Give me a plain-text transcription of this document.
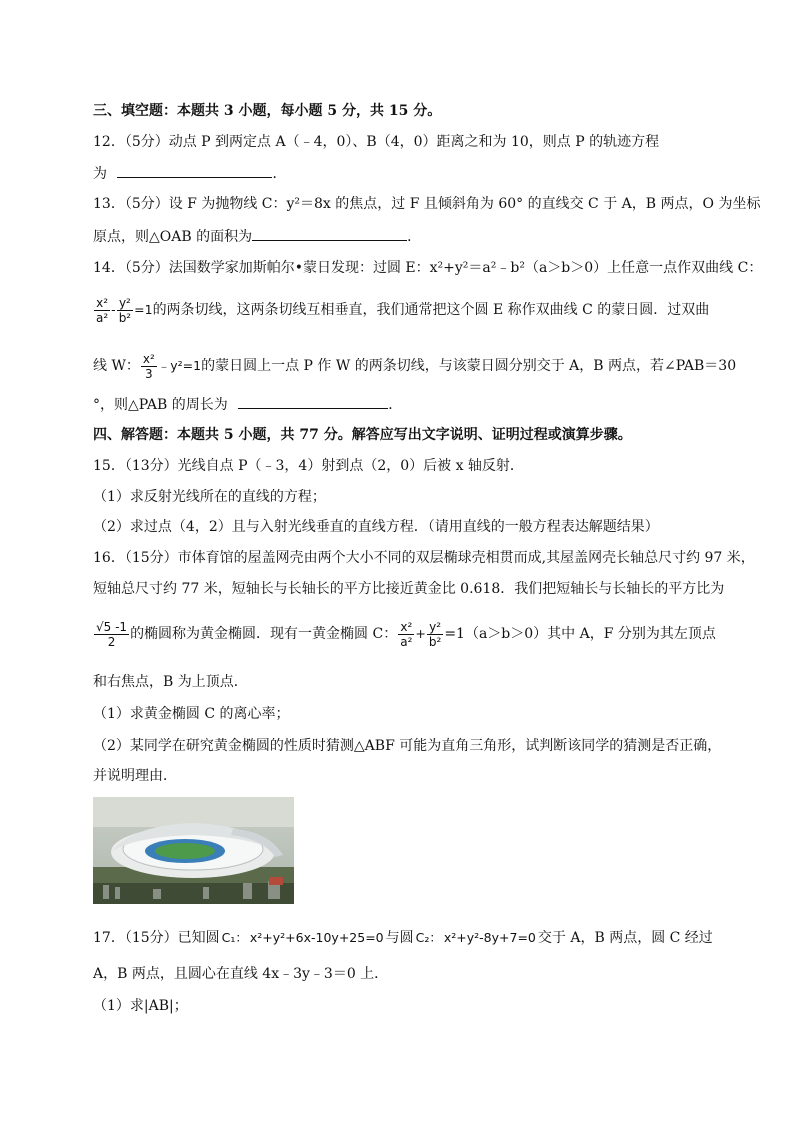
三、填空题：本题共 3 小题，每小题 5 分，共 15 分。
12．（5分）动点 P 到两定点 A（﹣4，0）、B（4，0）距离之和为 10，则点 P 的轨迹方程
为	．
13．（5分）设 F 为抛物线 C：y²＝8x 的焦点，过 F 且倾斜角为 60° 的直线交 C 于 A，B 两点，O 为坐标
原点，则△OAB 的面积为	．
14．（5分）法国数学家加斯帕尔•蒙日发现：过圆 E：x²+y²＝a²﹣b²（a＞b＞0）上任意一点作双曲线 C：
$\frac{\text{x²}}{\text{a²}} - \frac{\text{y²}}{\text{b²}} =1$的两条切线，这两条切线互相垂直，我们通常把这个圆 E 称作双曲线 C 的蒙日圆．过双曲
线 W： $\frac{\text{x²}}{3}$ ﹣y²=1的蒙日圆上一点 P 作 W 的两条切线，与该蒙日圆分别交于 A，B 两点，若∠PAB＝30
°，则△PAB 的周长为	．
四、解答题：本题共 5 小题，共 77 分。解答应写出文字说明、证明过程或演算步骤。
15．（13分）光线自点 P（﹣3，4）射到点（2，0）后被 x 轴反射．
（1）求反射光线所在的直线的方程；
（2）求过点（4，2）且与入射光线垂直的直线方程．（请用直线的一般方程表达解题结果）
16．（15分）市体育馆的屋盖网壳由两个大小不同的双层椭球壳相贯而成,其屋盖网壳长轴总尺寸约 97 米，
短轴总尺寸约 77 米，短轴长与长轴长的平方比接近黄金比 0.618．我们把短轴长与长轴长的平方比为
$\frac{√5 -1}{2}$ 的椭圆称为黄金椭圆．现有一黄金椭圆 C： $\frac{\text{x²}}{\text{a²}} + \frac{\text{y²}}{\text{b²}} =1(a>b>0)$其中 A，F 分别为其左顶点
和右焦点，B 为上顶点．
（1）求黄金椭圆 C 的离心率；
（2）某同学在研究黄金椭圆的性质时猜测△ABF 可能为直角三角形，试判断该同学的猜测是否正确，
并说明理由．
17．（15分）已知圆 C₁： x²+y²+6x-10y+25=0 与圆 C₂： x²+y²-8y+7=0 交于 A，B 两点，圆 C 经过
A，B 两点，且圆心在直线 4x﹣3y﹣3＝0 上．
（1）求|AB|；
